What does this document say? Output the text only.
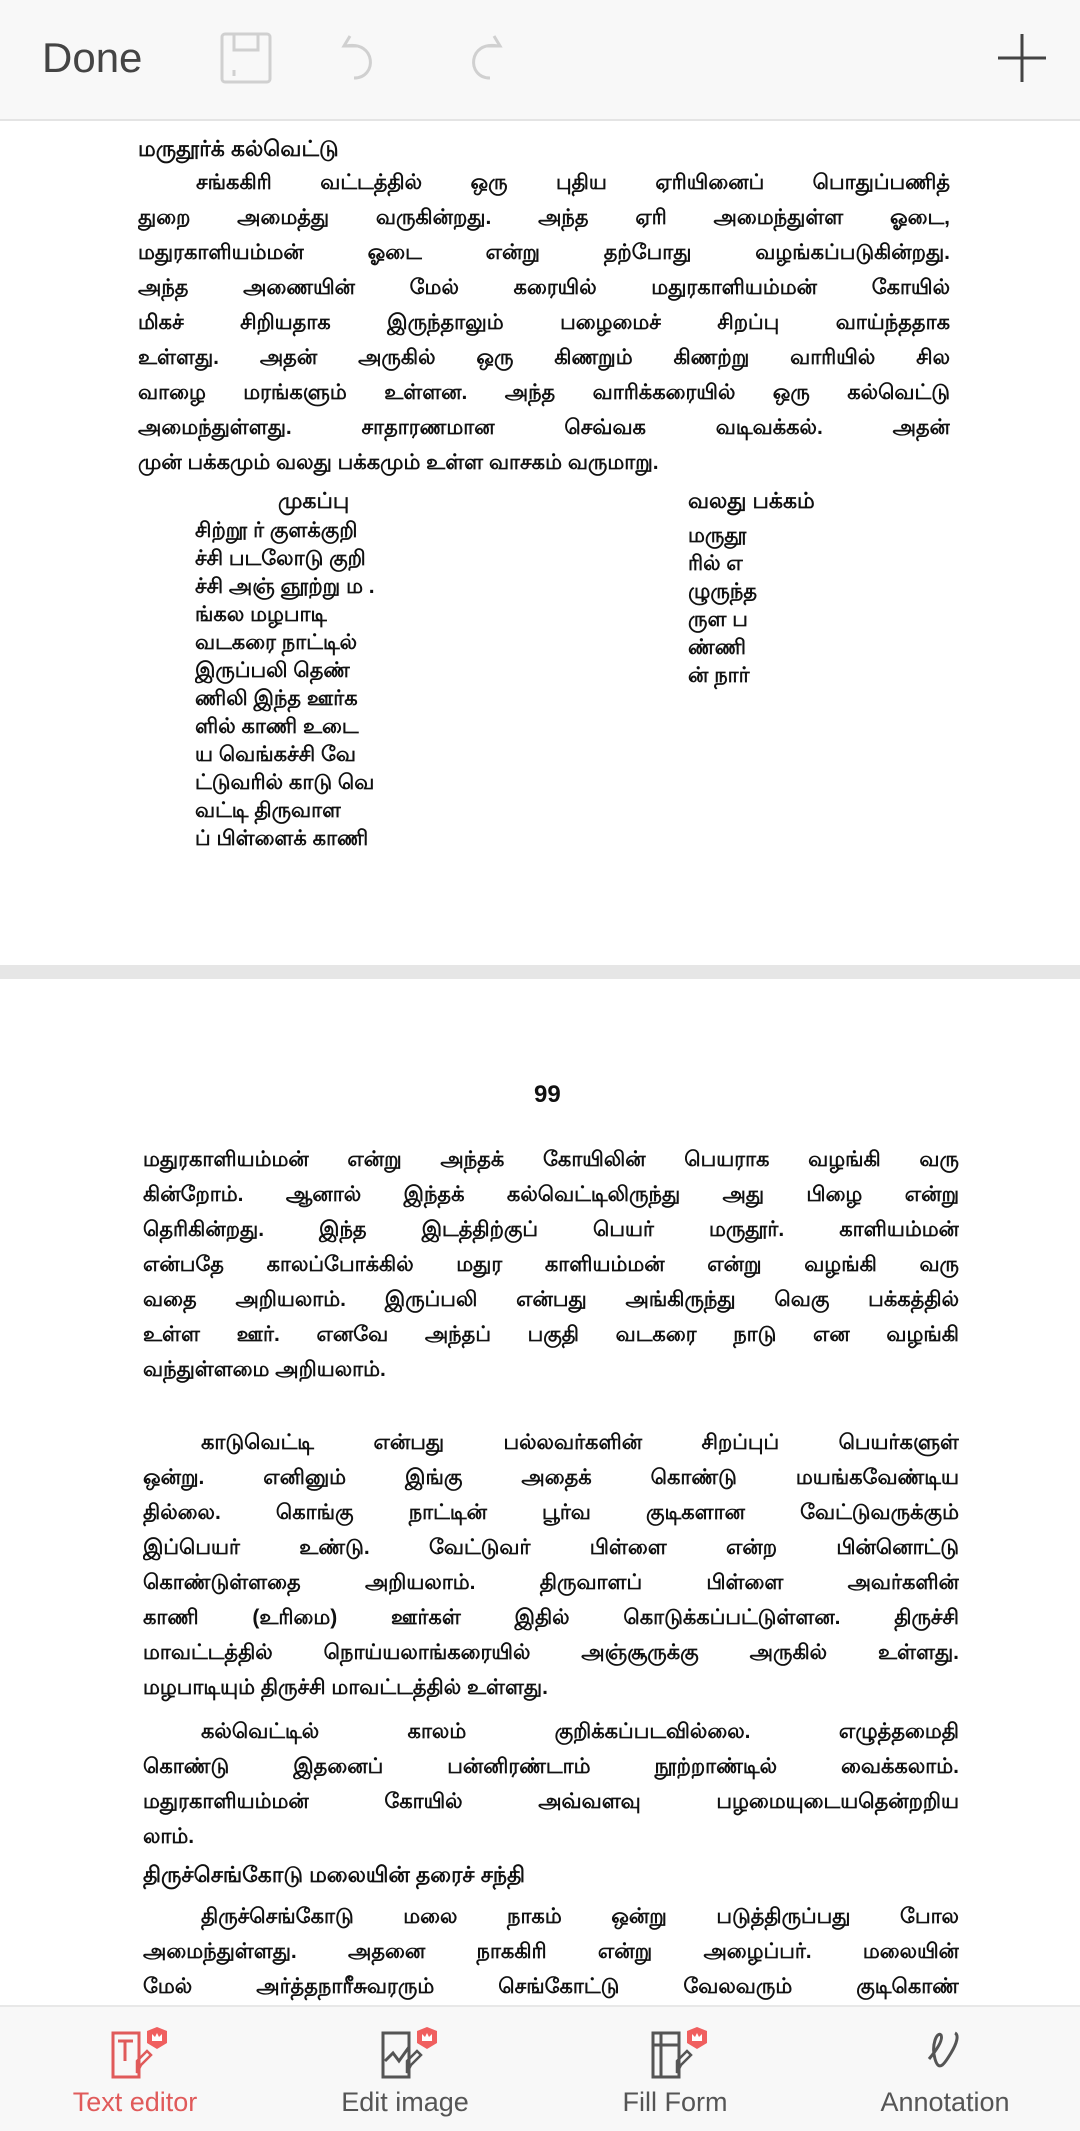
Done
மருதூர்க் கல்வெட்டு
சங்ககிரி வட்டத்தில் ஒரு புதிய ஏரியினைப் பொதுப்பணித்
துறை அமைத்து வருகின்றது. அந்த ஏரி அமைந்துள்ள ஓடை,
மதுரகாளியம்மன் ஓடை என்று தற்போது வழங்கப்படுகின்றது.
அந்த அணையின் மேல் கரையில் மதுரகாளியம்மன் கோயில்
மிகச் சிறியதாக இருந்தாலும் பழைமைச் சிறப்பு வாய்ந்ததாக
உள்ளது. அதன் அருகில் ஒரு கிணறும் கிணற்று வாரியில் சில
வாழை மரங்களும் உள்ளன. அந்த வாரிக்கரையில் ஒரு கல்வெட்டு
அமைந்துள்ளது. சாதாரணமான செவ்வக வடிவக்கல். அதன்
முன் பக்கமும் வலது பக்கமும் உள்ள வாசகம் வருமாறு.
முகப்பு
சிற்றூ ர் குளக்குறி
ச்சி படலோடு குறி
ச்சி அஞ் ஞூற்று ம .
ங்கல மழபாடி
வடகரை நாட்டில்
இருப்பலி தெண்
ணிலி இந்த ஊர்க
ளில் காணி உடை
ய வெங்கச்சி வே
ட்டுவரில் காடு வெ
வட்டி திருவாள
ப் பிள்ளைக் காணி
வலது பக்கம்
மருதூ
ரில் எ
ழுருந்த
ருள ப
ண்ணி
ன் நார்
99
மதுரகாளியம்மன் என்று அந்தக் கோயிலின் பெயராக வழங்கி வரு
கின்றோம். ஆனால் இந்தக் கல்வெட்டிலிருந்து அது பிழை என்று
தெரிகின்றது. இந்த இடத்திற்குப் பெயர் மருதூர். காளியம்மன்
என்பதே காலப்போக்கில் மதுர காளியம்மன் என்று வழங்கி வரு
வதை அறியலாம். இருப்பலி என்பது அங்கிருந்து வெகு பக்கத்தில்
உள்ள ஊர். எனவே அந்தப் பகுதி வடகரை நாடு என வழங்கி
வந்துள்ளமை அறியலாம்.
காடுவெட்டி என்பது பல்லவர்களின் சிறப்புப் பெயர்களுள்
ஒன்று. எனினும் இங்கு அதைக் கொண்டு மயங்கவேண்டிய
தில்லை. கொங்கு நாட்டின் பூர்வ குடிகளான வேட்டுவருக்கும்
இப்பெயர் உண்டு. வேட்டுவர் பிள்ளை என்ற பின்னொட்டு
கொண்டுள்ளதை அறியலாம். திருவாளப் பிள்ளை அவர்களின்
காணி (உரிமை) ஊர்கள் இதில் கொடுக்கப்பட்டுள்ளன. திருச்சி
மாவட்டத்தில் நொய்யலாங்கரையில் அஞ்சூருக்கு அருகில் உள்ளது.
மழபாடியும் திருச்சி மாவட்டத்தில் உள்ளது.
கல்வெட்டில் காலம் குறிக்கப்படவில்லை. எழுத்தமைதி
கொண்டு இதனைப் பன்னிரண்டாம் நூற்றாண்டில் வைக்கலாம்.
மதுரகாளியம்மன் கோயில் அவ்வளவு பழமையுடையதென்றறிய
லாம்.
திருச்செங்கோடு மலையின் தரைச் சந்தி
திருச்செங்கோடு மலை நாகம் ஒன்று படுத்திருப்பது போல
அமைந்துள்ளது. அதனை நாககிரி என்று அழைப்பர். மலையின்
மேல் அர்த்தநாரீசுவரரும் செங்கோட்டு வேலவரும் குடிகொண்
Text editor	Edit image	Fill Form	Annotation
